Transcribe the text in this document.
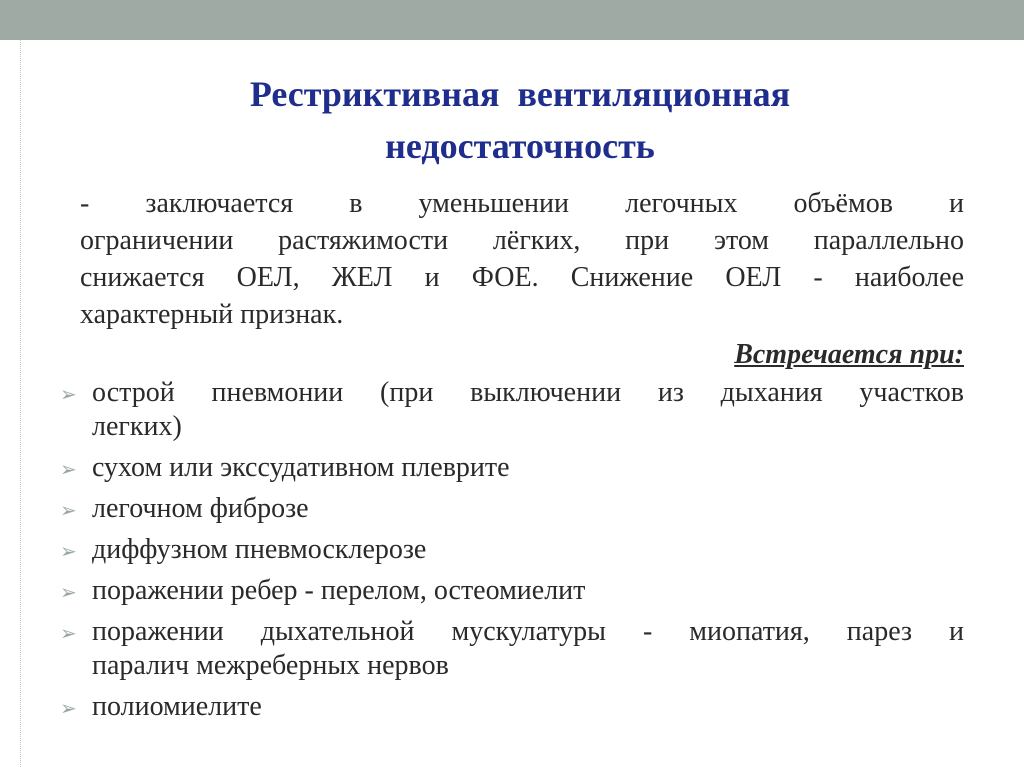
Рестриктивная  вентиляционная
недостаточность

- заключается в уменьшении легочных объёмов и
ограничении растяжимости лёгких, при этом параллельно
снижается ОЕЛ, ЖЕЛ и ФОЕ. Снижение ОЕЛ - наиболее
характерный признак.

Встречается при:

➢ острой пневмонии (при выключении из дыхания участков
легких)
➢ сухом или экссудативном плеврите
➢ легочном фиброзе
➢ диффузном пневмосклерозе
➢ поражении ребер - перелом, остеомиелит
➢ поражении дыхательной мускулатуры - миопатия, парез и
паралич межреберных нервов
➢ полиомиелите
